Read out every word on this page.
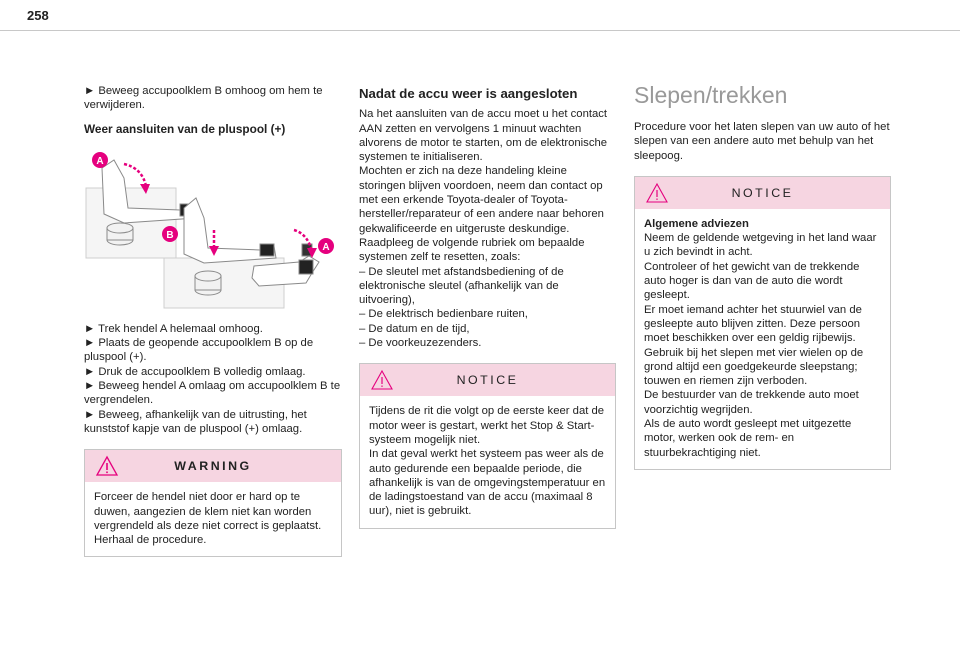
258

► Beweeg accupoolklem B omhoog om hem te verwijderen.

Weer aansluiten van de pluspool (+)

A
B
A

► Trek hendel A helemaal omhoog.

► Plaats de geopende accupoolklem B op de pluspool (+).

► Druk de accupoolklem B volledig omlaag.

► Beweeg hendel A omlaag om accupoolklem B te vergrendelen.

► Beweeg, afhankelijk van de uitrusting, het kunststof kapje van de pluspool (+) omlaag.

WARNING

Forceer de hendel niet door er hard op te duwen, aangezien de klem niet kan worden vergrendeld als deze niet correct is geplaatst. Herhaal de procedure.

Nadat de accu weer is aangesloten

Na het aansluiten van de accu moet u het contact AAN zetten en vervolgens 1 minuut wachten alvorens de motor te starten, om de elektronische systemen te initialiseren.

Mochten er zich na deze handeling kleine storingen blijven voordoen, neem dan contact op met een erkende Toyota-dealer of Toyota-hersteller/reparateur of een andere naar behoren gekwalificeerde en uitgeruste deskundige.

Raadpleeg de volgende rubriek om bepaalde systemen zelf te resetten, zoals:

– De sleutel met afstandsbediening of de elektronische sleutel (afhankelijk van de uitvoering),

– De elektrisch bedienbare ruiten,

– De datum en de tijd,

– De voorkeuzezenders.

NOTICE

Tijdens de rit die volgt op de eerste keer dat de motor weer is gestart, werkt het Stop & Start-systeem mogelijk niet.

In dat geval werkt het systeem pas weer als de auto gedurende een bepaalde periode, die afhankelijk is van de omgevingstemperatuur en de ladingstoestand van de accu (maximaal 8 uur), niet is gebruikt.

Slepen/trekken

Procedure voor het laten slepen van uw auto of het slepen van een andere auto met behulp van het sleepoog.

NOTICE

Algemene adviezen

Neem de geldende wetgeving in het land waar u zich bevindt in acht.

Controleer of het gewicht van de trekkende auto hoger is dan van de auto die wordt gesleept.

Er moet iemand achter het stuurwiel van de gesleepte auto blijven zitten. Deze persoon moet beschikken over een geldig rijbewijs.

Gebruik bij het slepen met vier wielen op de grond altijd een goedgekeurde sleepstang; touwen en riemen zijn verboden.

De bestuurder van de trekkende auto moet voorzichtig wegrijden.

Als de auto wordt gesleept met uitgezette motor, werken ook de rem- en stuurbekrachtiging niet.
